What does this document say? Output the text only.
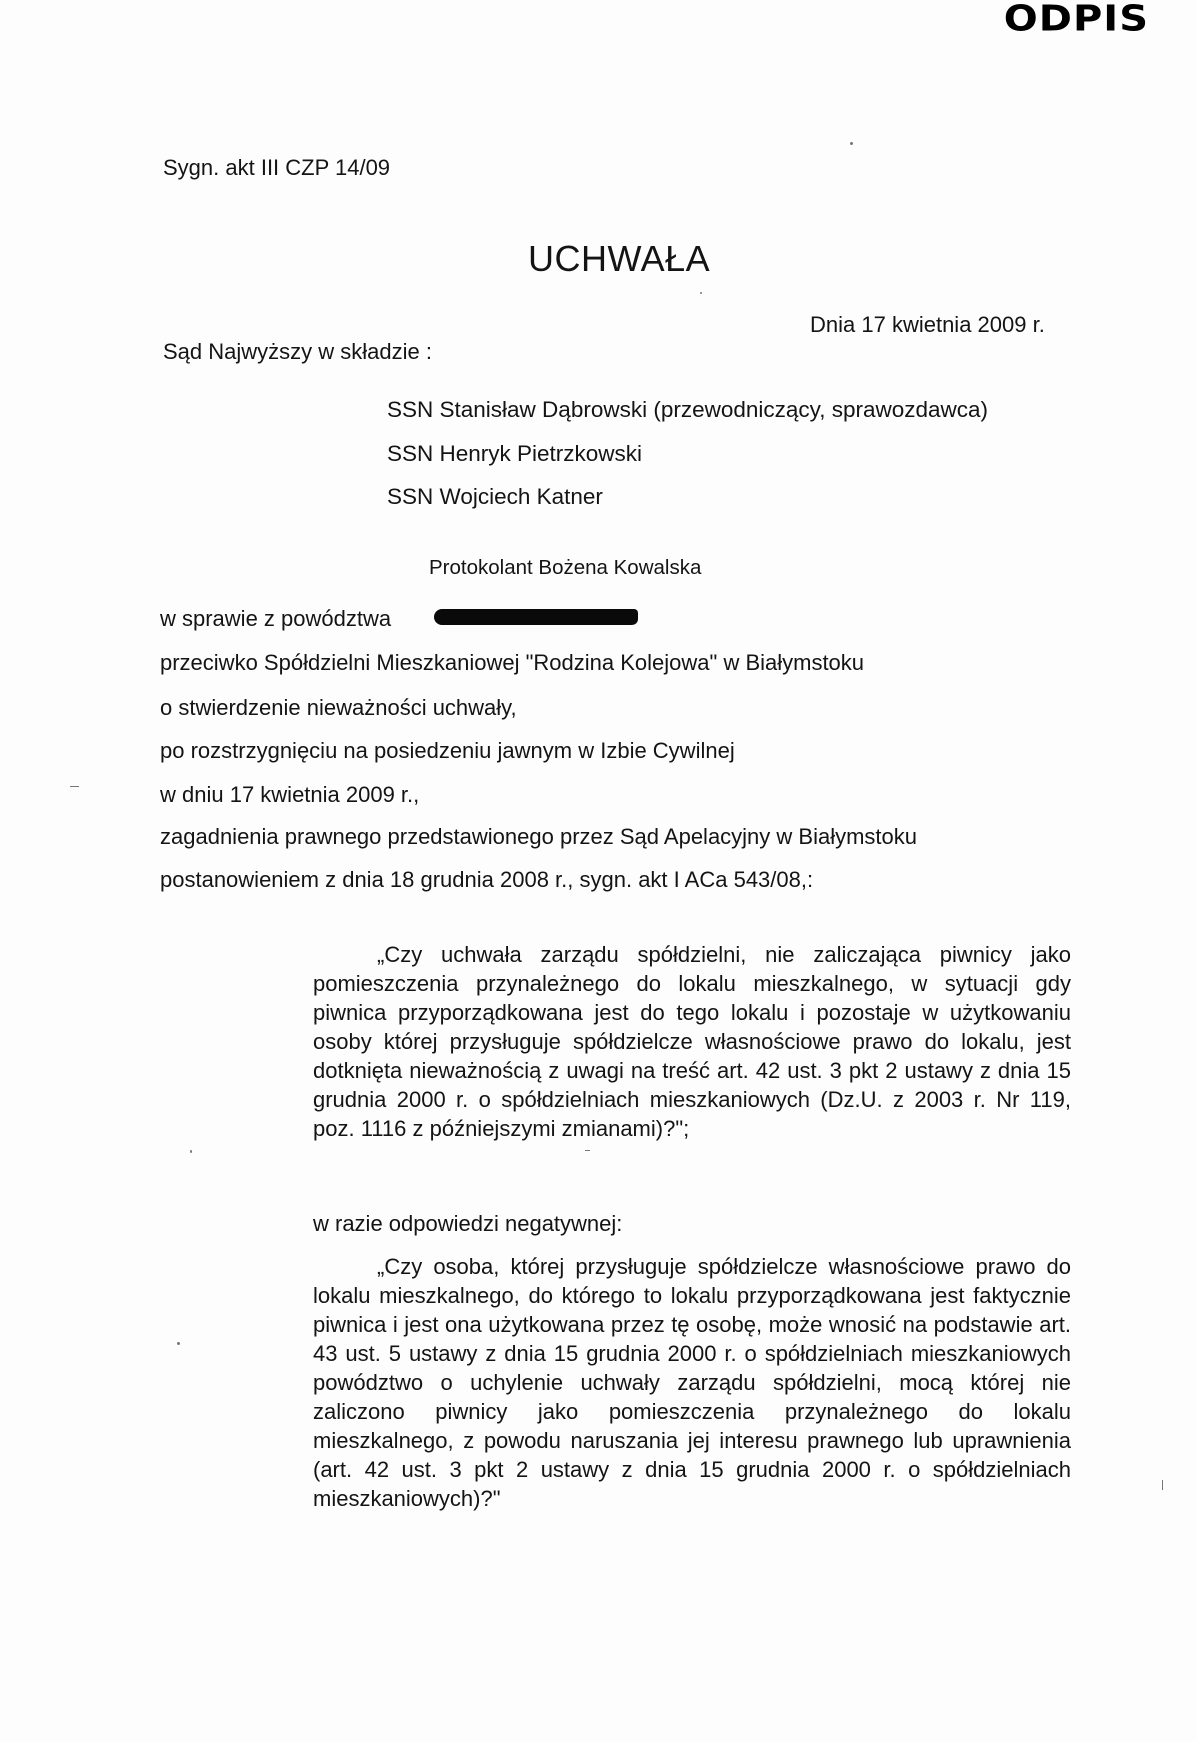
ODPIS
Sygn. akt III CZP 14/09
UCHWAŁA
Dnia 17 kwietnia 2009 r.
Sąd Najwyższy w składzie :
SSN Stanisław Dąbrowski (przewodniczący, sprawozdawca)
SSN Henryk Pietrzkowski
SSN Wojciech Katner
Protokolant Bożena Kowalska
w sprawie z powództwa
przeciwko Spółdzielni Mieszkaniowej "Rodzina Kolejowa" w Białymstoku
o stwierdzenie nieważności uchwały,
po rozstrzygnięciu na posiedzeniu jawnym w Izbie Cywilnej
w dniu 17 kwietnia 2009 r.,
zagadnienia prawnego przedstawionego przez Sąd Apelacyjny w Białymstoku
postanowieniem z dnia 18 grudnia 2008 r., sygn. akt I ACa 543/08,:

„Czy uchwała zarządu spółdzielni, nie zaliczająca piwnicy jako pomieszczenia przynależnego do lokalu mieszkalnego, w sytuacji gdy piwnica przyporządkowana jest do tego lokalu i pozostaje w użytkowaniu osoby której przysługuje spółdzielcze własnościowe prawo do lokalu, jest dotknięta nieważnością z uwagi na treść art. 42 ust. 3 pkt 2 ustawy z dnia 15 grudnia 2000 r. o spółdzielniach mieszkaniowych (Dz.U. z 2003 r. Nr 119, poz. 1116 z późniejszymi zmianami)?";

w razie odpowiedzi negatywnej:

„Czy osoba, której przysługuje spółdzielcze własnościowe prawo do lokalu mieszkalnego, do którego to lokalu przyporządkowana jest faktycznie piwnica i jest ona użytkowana przez tę osobę, może wnosić na podstawie art. 43 ust. 5 ustawy z dnia 15 grudnia 2000 r. o spółdzielniach mieszkaniowych powództwo o uchylenie uchwały zarządu spółdzielni, mocą której nie zaliczono piwnicy jako pomieszczenia przynależnego do lokalu mieszkalnego, z powodu naruszania jej interesu prawnego lub uprawnienia (art. 42 ust. 3 pkt 2 ustawy z dnia 15 grudnia 2000 r. o spółdzielniach mieszkaniowych)?"
